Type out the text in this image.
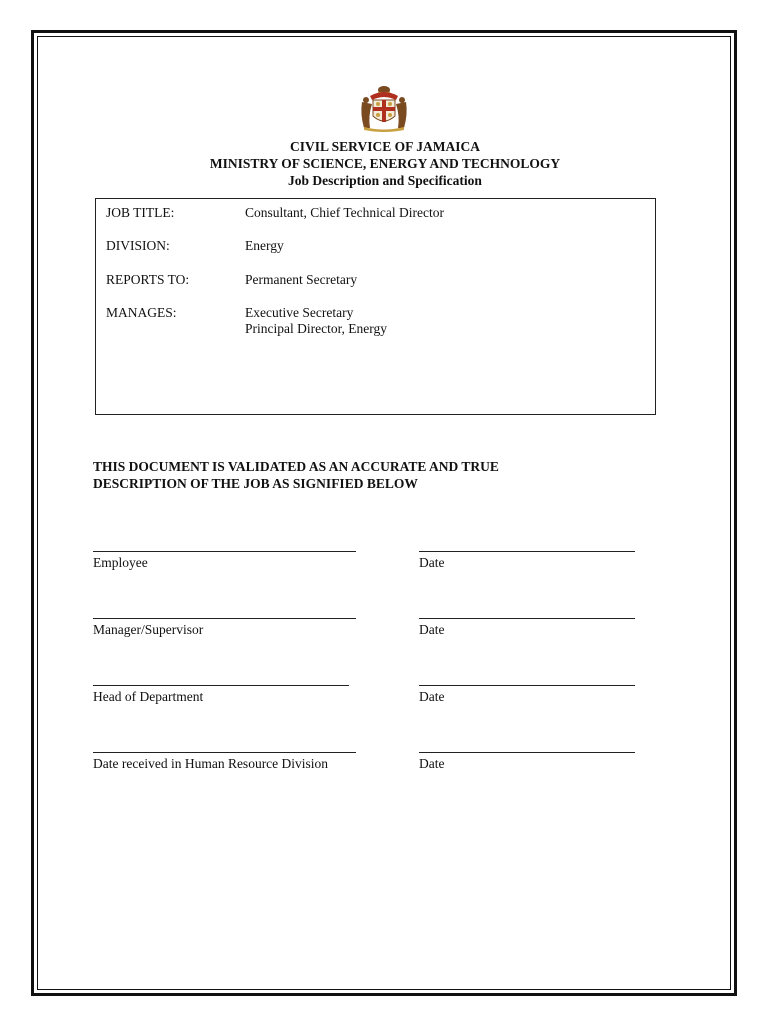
CIVIL SERVICE OF JAMAICA
MINISTRY OF SCIENCE, ENERGY AND TECHNOLOGY
Job Description and Specification
JOB TITLE:	Consultant, Chief Technical Director
DIVISION:	Energy
REPORTS TO:	Permanent Secretary
MANAGES:	Executive Secretary
Principal Director, Energy
THIS DOCUMENT IS VALIDATED AS AN ACCURATE AND TRUE
DESCRIPTION OF THE JOB AS SIGNIFIED BELOW
Employee	Date
Manager/Supervisor	Date
Head of Department	Date
Date received in Human Resource Division	Date
